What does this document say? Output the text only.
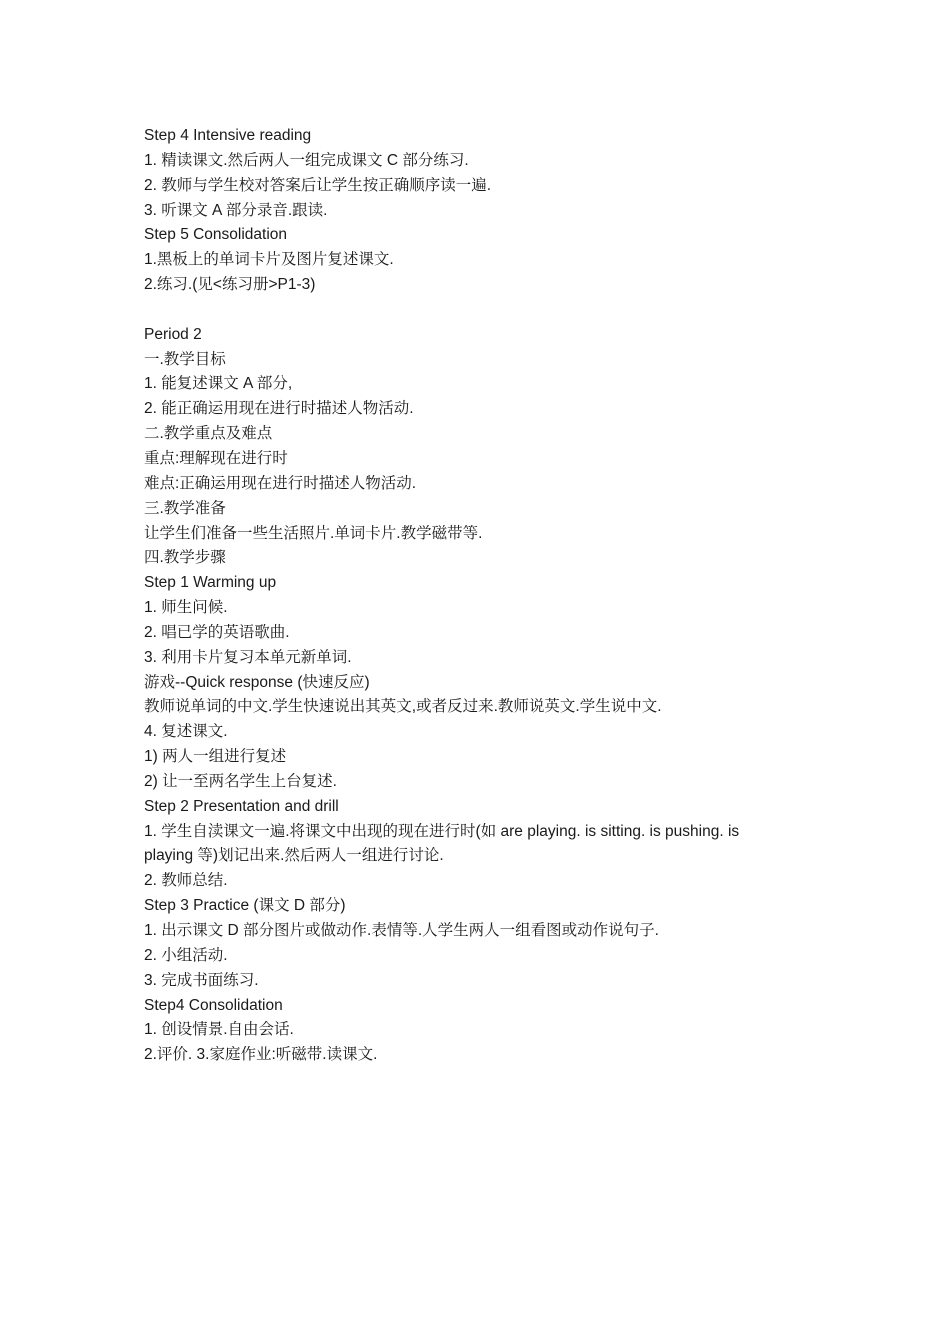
Step 4 Intensive reading
1. 精读课文.然后两人一组完成课文 C 部分练习.
2. 教师与学生校对答案后让学生按正确顺序读一遍.
3. 听课文 A 部分录音.跟读.
Step 5 Consolidation
1.黑板上的单词卡片及图片复述课文.
2.练习.(见<练习册>P1-3)
Period 2
一.教学目标
1. 能复述课文 A 部分,
2. 能正确运用现在进行时描述人物活动.
二.教学重点及难点
重点:理解现在进行时
难点:正确运用现在进行时描述人物活动.
三.教学准备
让学生们准备一些生活照片.单词卡片.教学磁带等.
四.教学步骤
Step 1 Warming up
1. 师生问候.
2. 唱已学的英语歌曲.
3. 利用卡片复习本单元新单词.
游戏--Quick response (快速反应)
教师说单词的中文.学生快速说出其英文,或者反过来.教师说英文.学生说中文.
4. 复述课文.
1) 两人一组进行复述
2) 让一至两名学生上台复述.
Step 2 Presentation and drill
1. 学生自渎课文一遍.将课文中出现的现在进行时(如 are playing. is sitting. is pushing. is
playing 等)划记出来.然后两人一组进行讨论.
2. 教师总结.
Step 3 Practice (课文 D 部分)
1. 出示课文 D 部分图片或做动作.表情等.人学生两人一组看图或动作说句子.
2. 小组活动.
3. 完成书面练习.
Step4 Consolidation
1. 创设情景.自由会话.
2.评价. 3.家庭作业:听磁带.读课文.
